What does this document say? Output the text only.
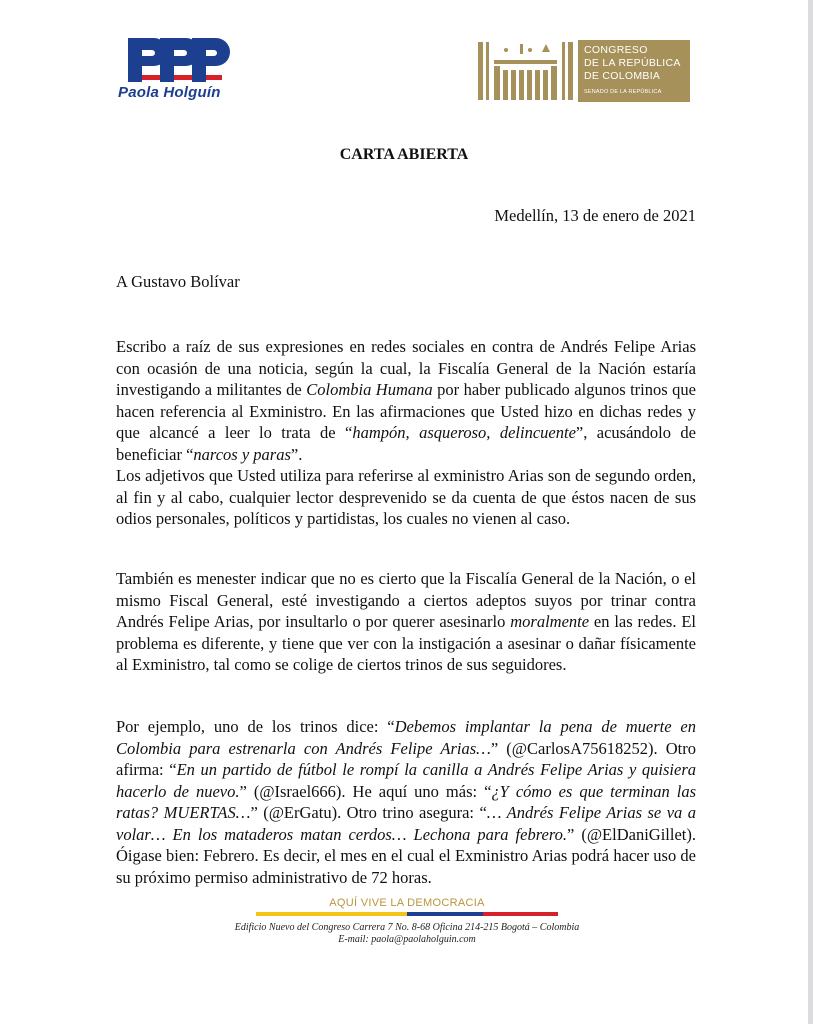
Paola Holguín
CONGRESO
DE LA REPÚBLICA
DE COLOMBIA
SENADO DE LA REPÚBLICA
CARTA ABIERTA
Medellín, 13 de enero de 2021
A Gustavo Bolívar

Escribo a raíz de sus expresiones en redes sociales en contra de Andrés Felipe Arias con ocasión de una noticia, según la cual, la Fiscalía General de la Nación estaría investigando a militantes de Colombia Humana por haber publicado algunos trinos que hacen referencia al Exministro. En las afirmaciones que Usted hizo en dichas redes y que alcancé a leer lo trata de “hampón, asqueroso, delincuente”, acusándolo de beneficiar “narcos y paras”.
Los adjetivos que Usted utiliza para referirse al exministro Arias son de segundo orden, al fin y al cabo, cualquier lector desprevenido se da cuenta de que éstos nacen de sus odios personales, políticos y partidistas, los cuales no vienen al caso.

También es menester indicar que no es cierto que la Fiscalía General de la Nación, o el mismo Fiscal General, esté investigando a ciertos adeptos suyos por trinar contra Andrés Felipe Arias, por insultarlo o por querer asesinarlo moralmente en las redes. El problema es diferente, y tiene que ver con la instigación a asesinar o dañar físicamente al Exministro, tal como se colige de ciertos trinos de sus seguidores.

Por ejemplo, uno de los trinos dice: “Debemos implantar la pena de muerte en Colombia para estrenarla con Andrés Felipe Arias…” (@CarlosA75618252). Otro afirma: “En un partido de fútbol le rompí la canilla a Andrés Felipe Arias y quisiera hacerlo de nuevo.” (@Israel666). He aquí uno más: “¿Y cómo es que terminan las ratas? MUERTAS…” (@ErGatu). Otro trino asegura: “… Andrés Felipe Arias se va a volar… En los mataderos matan cerdos… Lechona para febrero.” (@ElDaniGillet). Óigase bien: Febrero. Es decir, el mes en el cual el Exministro Arias podrá hacer uso de su próximo permiso administrativo de 72 horas.

AQUÍ VIVE LA DEMOCRACIA
Edificio Nuevo del Congreso Carrera 7 No. 8-68 Oficina 214-215 Bogotá – Colombia
E-mail: paola@paolaholguin.com
